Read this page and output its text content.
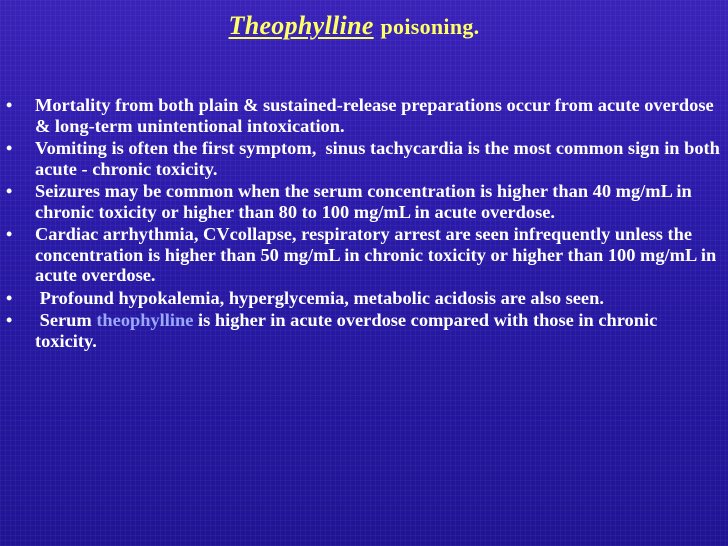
Theophylline poisoning.
•	Mortality from both plain & sustained-release preparations occur from acute overdose & long-term unintentional intoxication.
•	Vomiting is often the first symptom,  sinus tachycardia is the most common sign in both acute - chronic toxicity.
•	Seizures may be common when the serum concentration is higher than 40 mg/mL in chronic toxicity or higher than 80 to 100 mg/mL in acute overdose.
•	Cardiac arrhythmia, CVcollapse, respiratory arrest are seen infrequently unless the concentration is higher than 50 mg/mL in chronic toxicity or higher than 100 mg/mL in acute overdose.
•	Profound hypokalemia, hyperglycemia, metabolic acidosis are also seen.
•	Serum theophylline is higher in acute overdose compared with those in chronic toxicity.
